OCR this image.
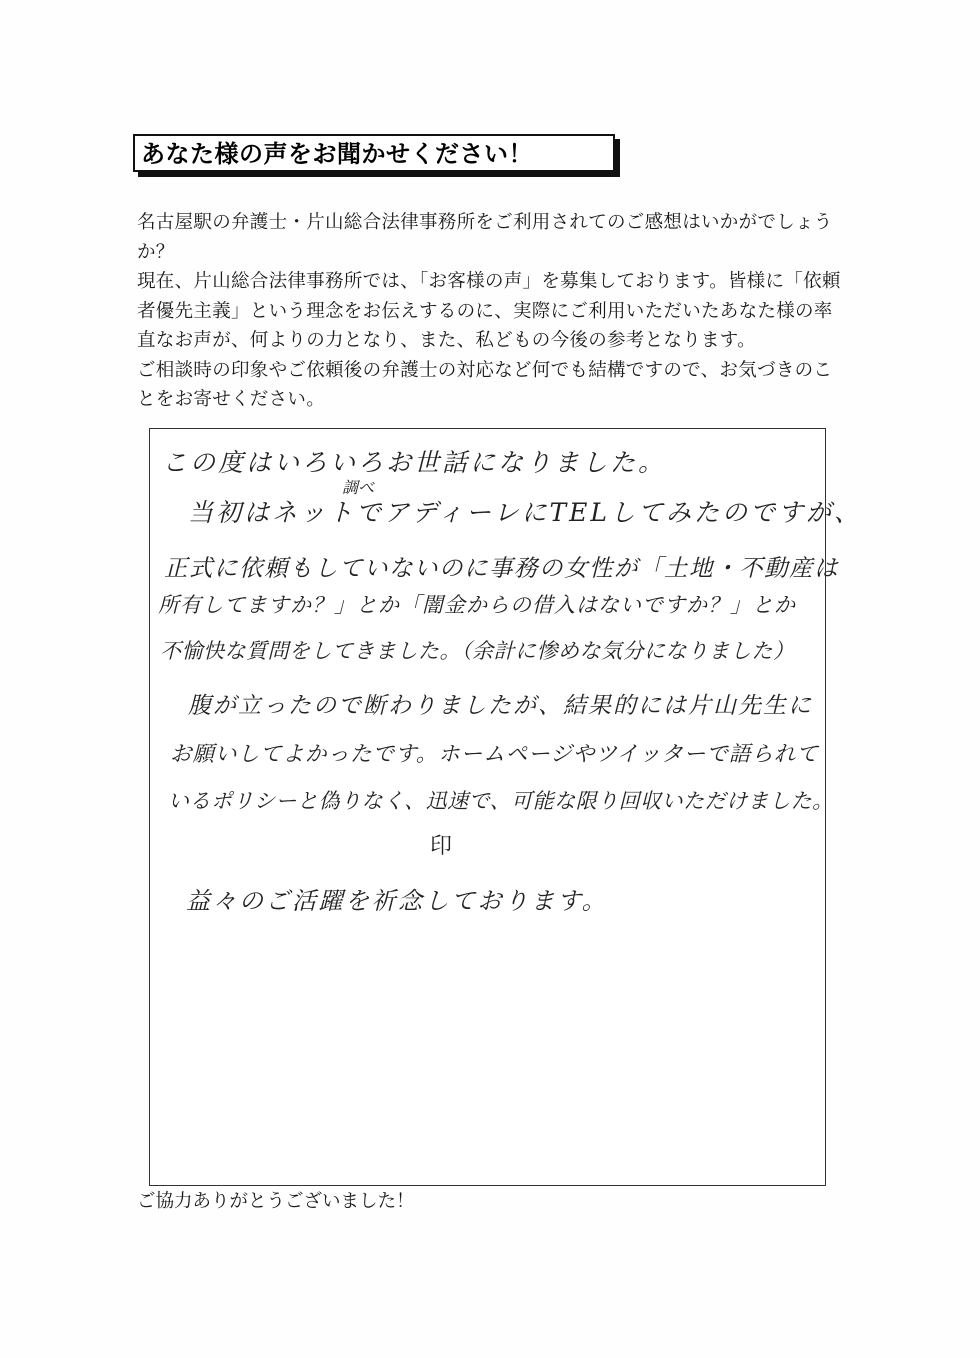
あなた様の声をお聞かせください！

名古屋駅の弁護士・片山総合法律事務所をご利用されてのご感想はいかがでしょうか？

現在、片山総合法律事務所では、「お客様の声」を募集しております。皆様に「依頼者優先主義」という理念をお伝えするのに、実際にご利用いただいたあなた様の率直なお声が、何よりの力となり、また、私どもの今後の参考となります。

ご相談時の印象やご依頼後の弁護士の対応など何でも結構ですので、お気づきのことをお寄せください。

この度はいろいろお世話になりました。
調べ
当初はネットでアディーレにTELしてみたのですが、
正式に依頼もしていないのに事務の女性が「土地・不動産は
所有してますか？」とか「闇金からの借入はないですか？」とか
不愉快な質問をしてきました。（余計に惨めな気分になりました）
腹が立ったので断わりましたが、結果的には片山先生に
お願いしてよかったです。ホームページやツイッターで語られて
いるポリシーと偽りなく、迅速で、可能な限り回収いただけました。
印
益々のご活躍を祈念しております。
ご協力ありがとうございました！
